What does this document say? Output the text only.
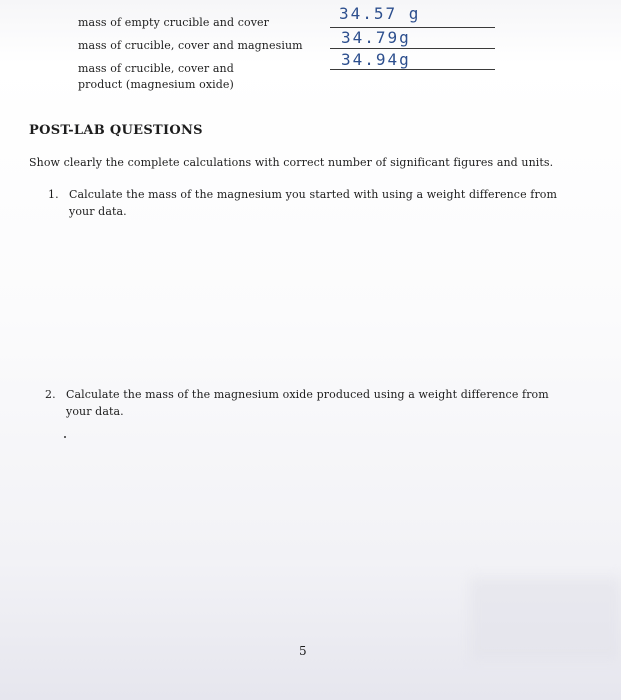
mass of empty crucible and cover	34.57 g
mass of crucible, cover and magnesium 34.79g
mass of crucible, cover and
product (magnesium oxide)
34.94g
POST-LAB QUESTIONS
Show clearly the complete calculations with correct number of significant figures and units.
1. Calculate the mass of the magnesium you started with using a weight difference from
your data.
2. Calculate the mass of the magnesium oxide produced using a weight difference from
your data.
5
